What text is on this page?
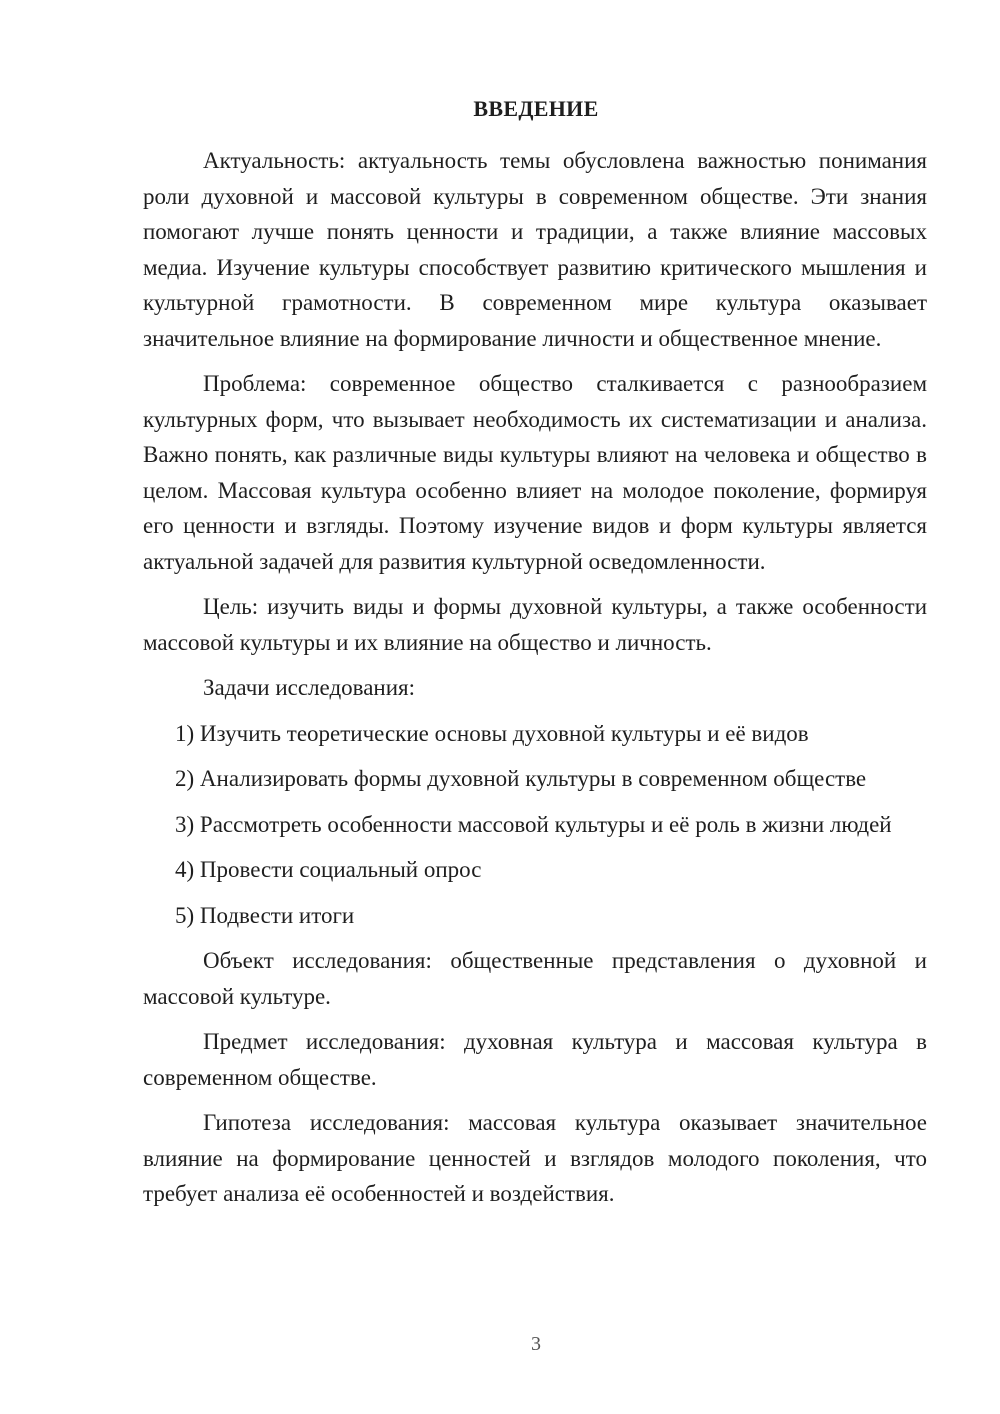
ВВЕДЕНИЕ

Актуальность: актуальность темы обусловлена важностью понимания роли духовной и массовой культуры в современном обществе. Эти знания помогают лучше понять ценности и традиции, а также влияние массовых медиа. Изучение культуры способствует развитию критического мышления и культурной грамотности. В современном мире культура оказывает значительное влияние на формирование личности и общественное мнение.

Проблема: современное общество сталкивается с разнообразием культурных форм, что вызывает необходимость их систематизации и анализа. Важно понять, как различные виды культуры влияют на человека и общество в целом. Массовая культура особенно влияет на молодое поколение, формируя его ценности и взгляды. Поэтому изучение видов и форм культуры является актуальной задачей для развития культурной осведомленности.

Цель: изучить виды и формы духовной культуры, а также особенности массовой культуры и их влияние на общество и личность.

Задачи исследования:

1) Изучить теоретические основы духовной культуры и её видов

2) Анализировать формы духовной культуры в современном обществе

3) Рассмотреть особенности массовой культуры и её роль в жизни людей

4) Провести социальный опрос

5) Подвести итоги

Объект исследования: общественные представления о духовной и массовой культуре.

Предмет исследования: духовная культура и массовая культура в современном обществе.

Гипотеза исследования: массовая культура оказывает значительное влияние на формирование ценностей и взглядов молодого поколения, что требует анализа её особенностей и воздействия.

3
